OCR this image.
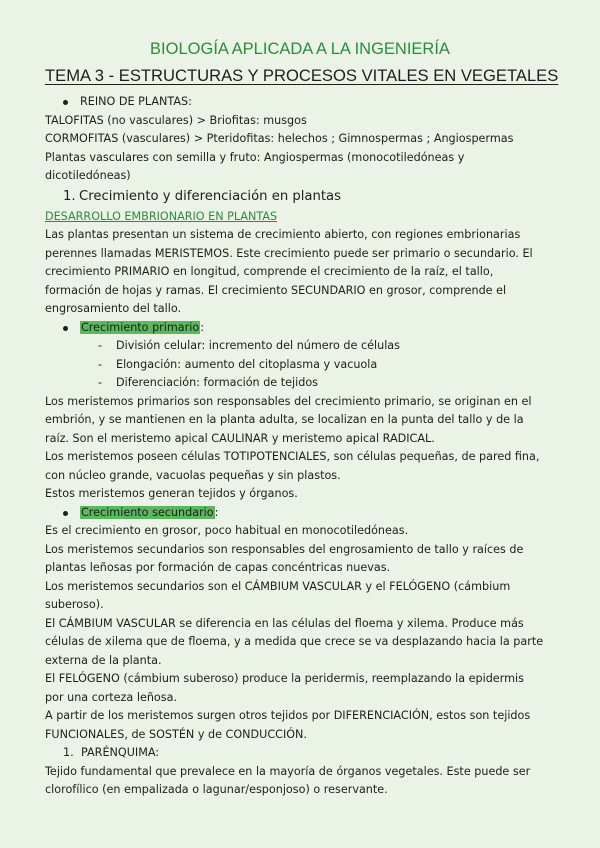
BIOLOGÍA APLICADA A LA INGENIERÍA
TEMA 3 - ESTRUCTURAS Y PROCESOS VITALES EN VEGETALES
REINO DE PLANTAS:
TALOFITAS (no vasculares) > Briofitas: musgos
CORMOFITAS (vasculares) > Pteridofitas: helechos ; Gimnospermas ; Angiospermas
Plantas vasculares con semilla y fruto: Angiospermas (monocotiledóneas y
dicotiledóneas)
1. Crecimiento y diferenciación en plantas
DESARROLLO EMBRIONARIO EN PLANTAS
Las plantas presentan un sistema de crecimiento abierto, con regiones embrionarias
perennes llamadas MERISTEMOS. Este crecimiento puede ser primario o secundario. El
crecimiento PRIMARIO en longitud, comprende el crecimiento de la raíz, el tallo,
formación de hojas y ramas. El crecimiento SECUNDARIO en grosor, comprende el
engrosamiento del tallo.
Crecimiento primario:
- División celular: incremento del número de células
- Elongación: aumento del citoplasma y vacuola
- Diferenciación: formación de tejidos
Los meristemos primarios son responsables del crecimiento primario, se originan en el
embrión, y se mantienen en la planta adulta, se localizan en la punta del tallo y de la
raíz. Son el meristemo apical CAULINAR y meristemo apical RADICAL.
Los meristemos poseen células TOTIPOTENCIALES, son células pequeñas, de pared fina,
con núcleo grande, vacuolas pequeñas y sin plastos.
Estos meristemos generan tejidos y órganos.
Crecimiento secundario:
Es el crecimiento en grosor, poco habitual en monocotiledóneas.
Los meristemos secundarios son responsables del engrosamiento de tallo y raíces de
plantas leñosas por formación de capas concéntricas nuevas.
Los meristemos secundarios son el CÁMBIUM VASCULAR y el FELÓGENO (cámbium
suberoso).
El CÁMBIUM VASCULAR se diferencia en las células del floema y xilema. Produce más
células de xilema que de floema, y a medida que crece se va desplazando hacia la parte
externa de la planta.
El FELÓGENO (cámbium suberoso) produce la peridermis, reemplazando la epidermis
por una corteza leñosa.
A partir de los meristemos surgen otros tejidos por DIFERENCIACIÓN, estos son tejidos
FUNCIONALES, de SOSTÉN y de CONDUCCIÓN.
1. PARÉNQUIMA:
Tejido fundamental que prevalece en la mayoría de órganos vegetales. Este puede ser
clorofílico (en empalizada o lagunar/esponjoso) o reservante.
